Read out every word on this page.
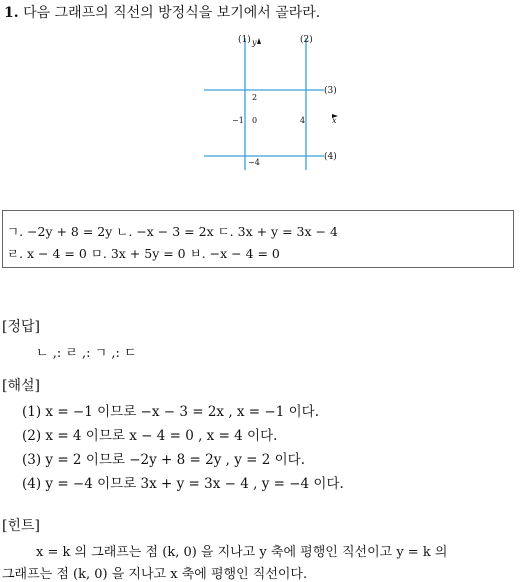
1. 다음 그래프의 직선의 방정식을 보기에서 골라라.
(1) y	(2)
(3)
(4)
2
0
−1	4	x
−4
ㄱ. −2y + 8 = 2y ㄴ. −x − 3 = 2x ㄷ. 3x + y = 3x − 4
ㄹ. x − 4 = 0 ㅁ. 3x + 5y = 0 ㅂ. −x − 4 = 0
[정답]
ㄴ ,: ㄹ ,: ㄱ ,: ㄷ
[해설]
(1) x = −1 이므로 −x − 3 = 2x , x = −1 이다.
(2) x = 4 이므로 x − 4 = 0 , x = 4 이다.
(3) y = 2 이므로 −2y + 8 = 2y , y = 2 이다.
(4) y = −4 이므로 3x + y = 3x − 4 , y = −4 이다.
[힌트]
x = k 의 그래프는 점 (k, 0) 을 지나고 y 축에 평행인 직선이고 y = k 의
그래프는 점 (k, 0) 을 지나고 x 축에 평행인 직선이다.
